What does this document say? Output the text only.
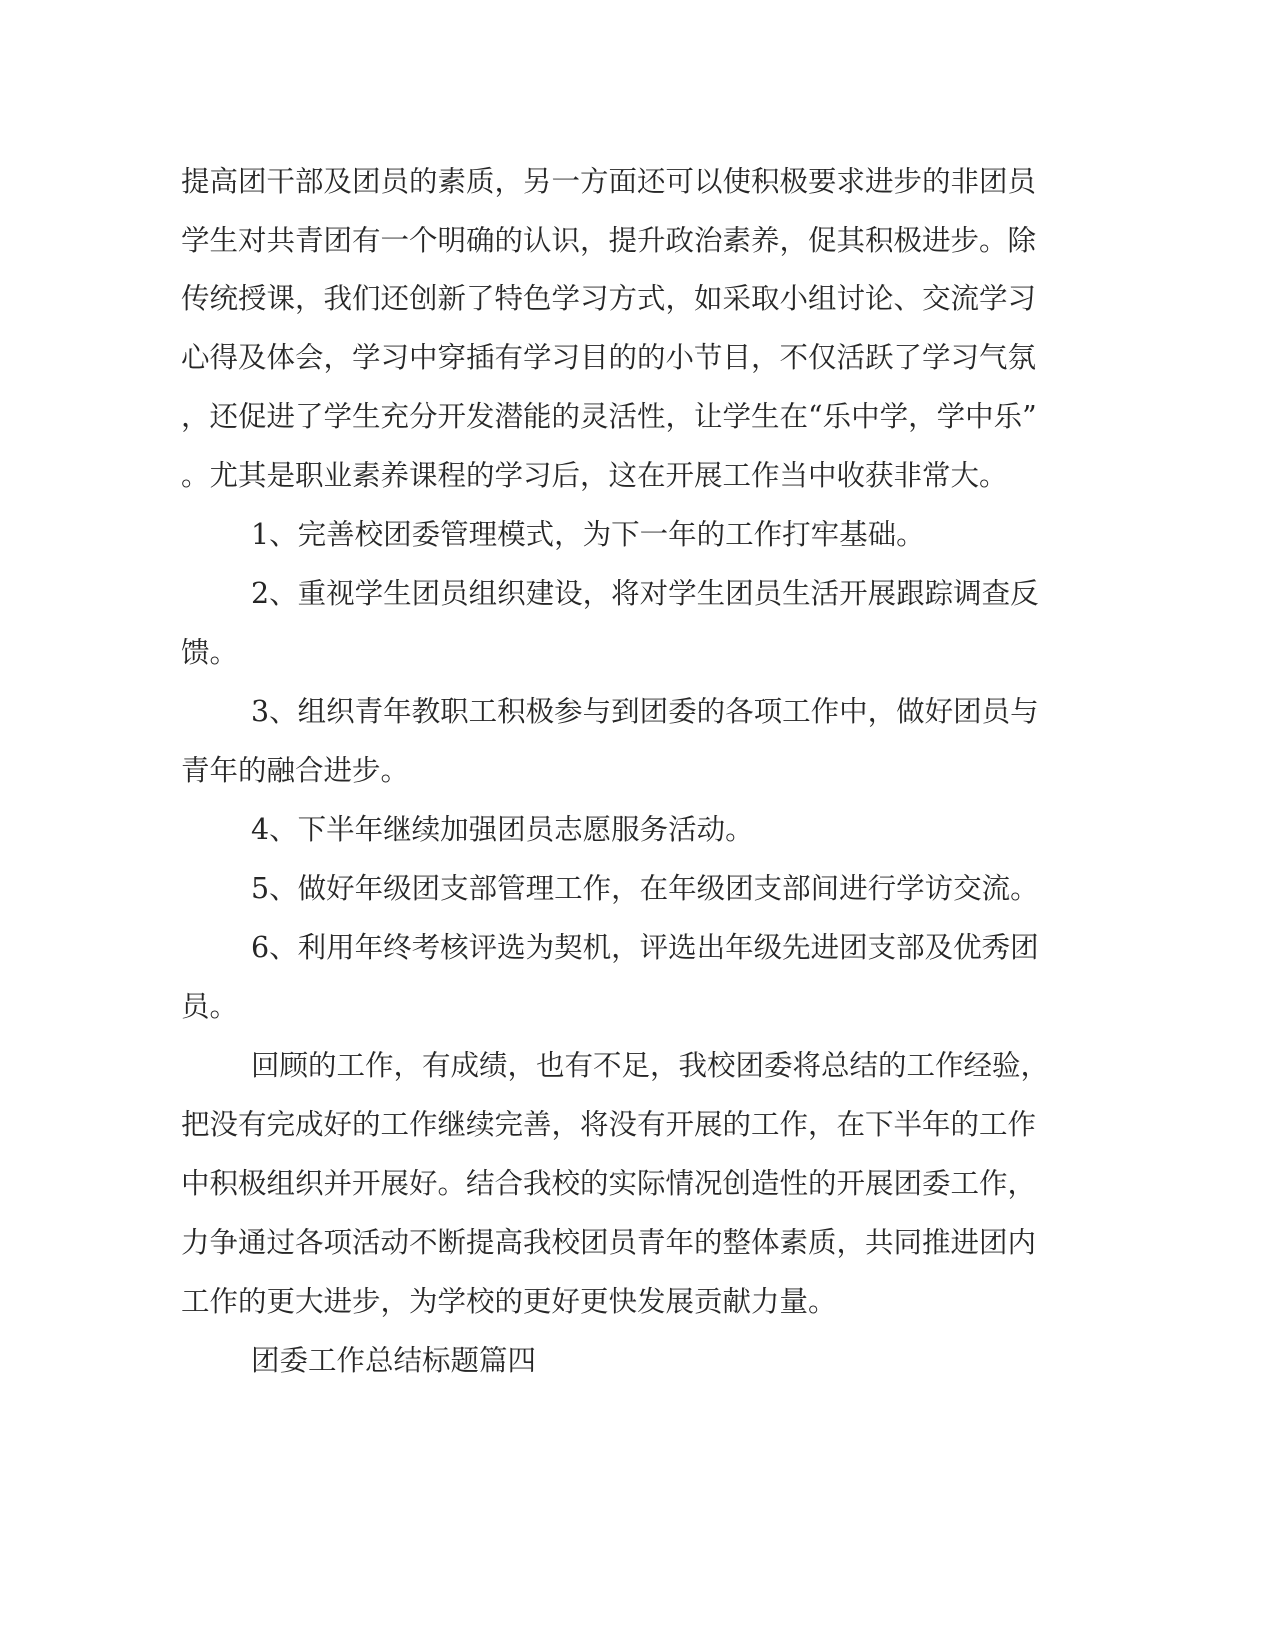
提高团干部及团员的素质，另一方面还可以使积极要求进步的非团员
学生对共青团有一个明确的认识，提升政治素养，促其积极进步。除
传统授课，我们还创新了特色学习方式，如采取小组讨论、交流学习
心得及体会，学习中穿插有学习目的的小节目，不仅活跃了学习气氛
，还促进了学生充分开发潜能的灵活性，让学生在“乐中学，学中乐”
。尤其是职业素养课程的学习后，这在开展工作当中收获非常大。
1、完善校团委管理模式，为下一年的工作打牢基础。
2、重视学生团员组织建设，将对学生团员生活开展跟踪调查反
馈。
3、组织青年教职工积极参与到团委的各项工作中，做好团员与
青年的融合进步。
4、下半年继续加强团员志愿服务活动。
5、做好年级团支部管理工作，在年级团支部间进行学访交流。
6、利用年终考核评选为契机，评选出年级先进团支部及优秀团
员。
回顾的工作，有成绩，也有不足，我校团委将总结的工作经验，
把没有完成好的工作继续完善，将没有开展的工作，在下半年的工作
中积极组织并开展好。结合我校的实际情况创造性的开展团委工作，
力争通过各项活动不断提高我校团员青年的整体素质，共同推进团内
工作的更大进步，为学校的更好更快发展贡献力量。
团委工作总结标题篇四
